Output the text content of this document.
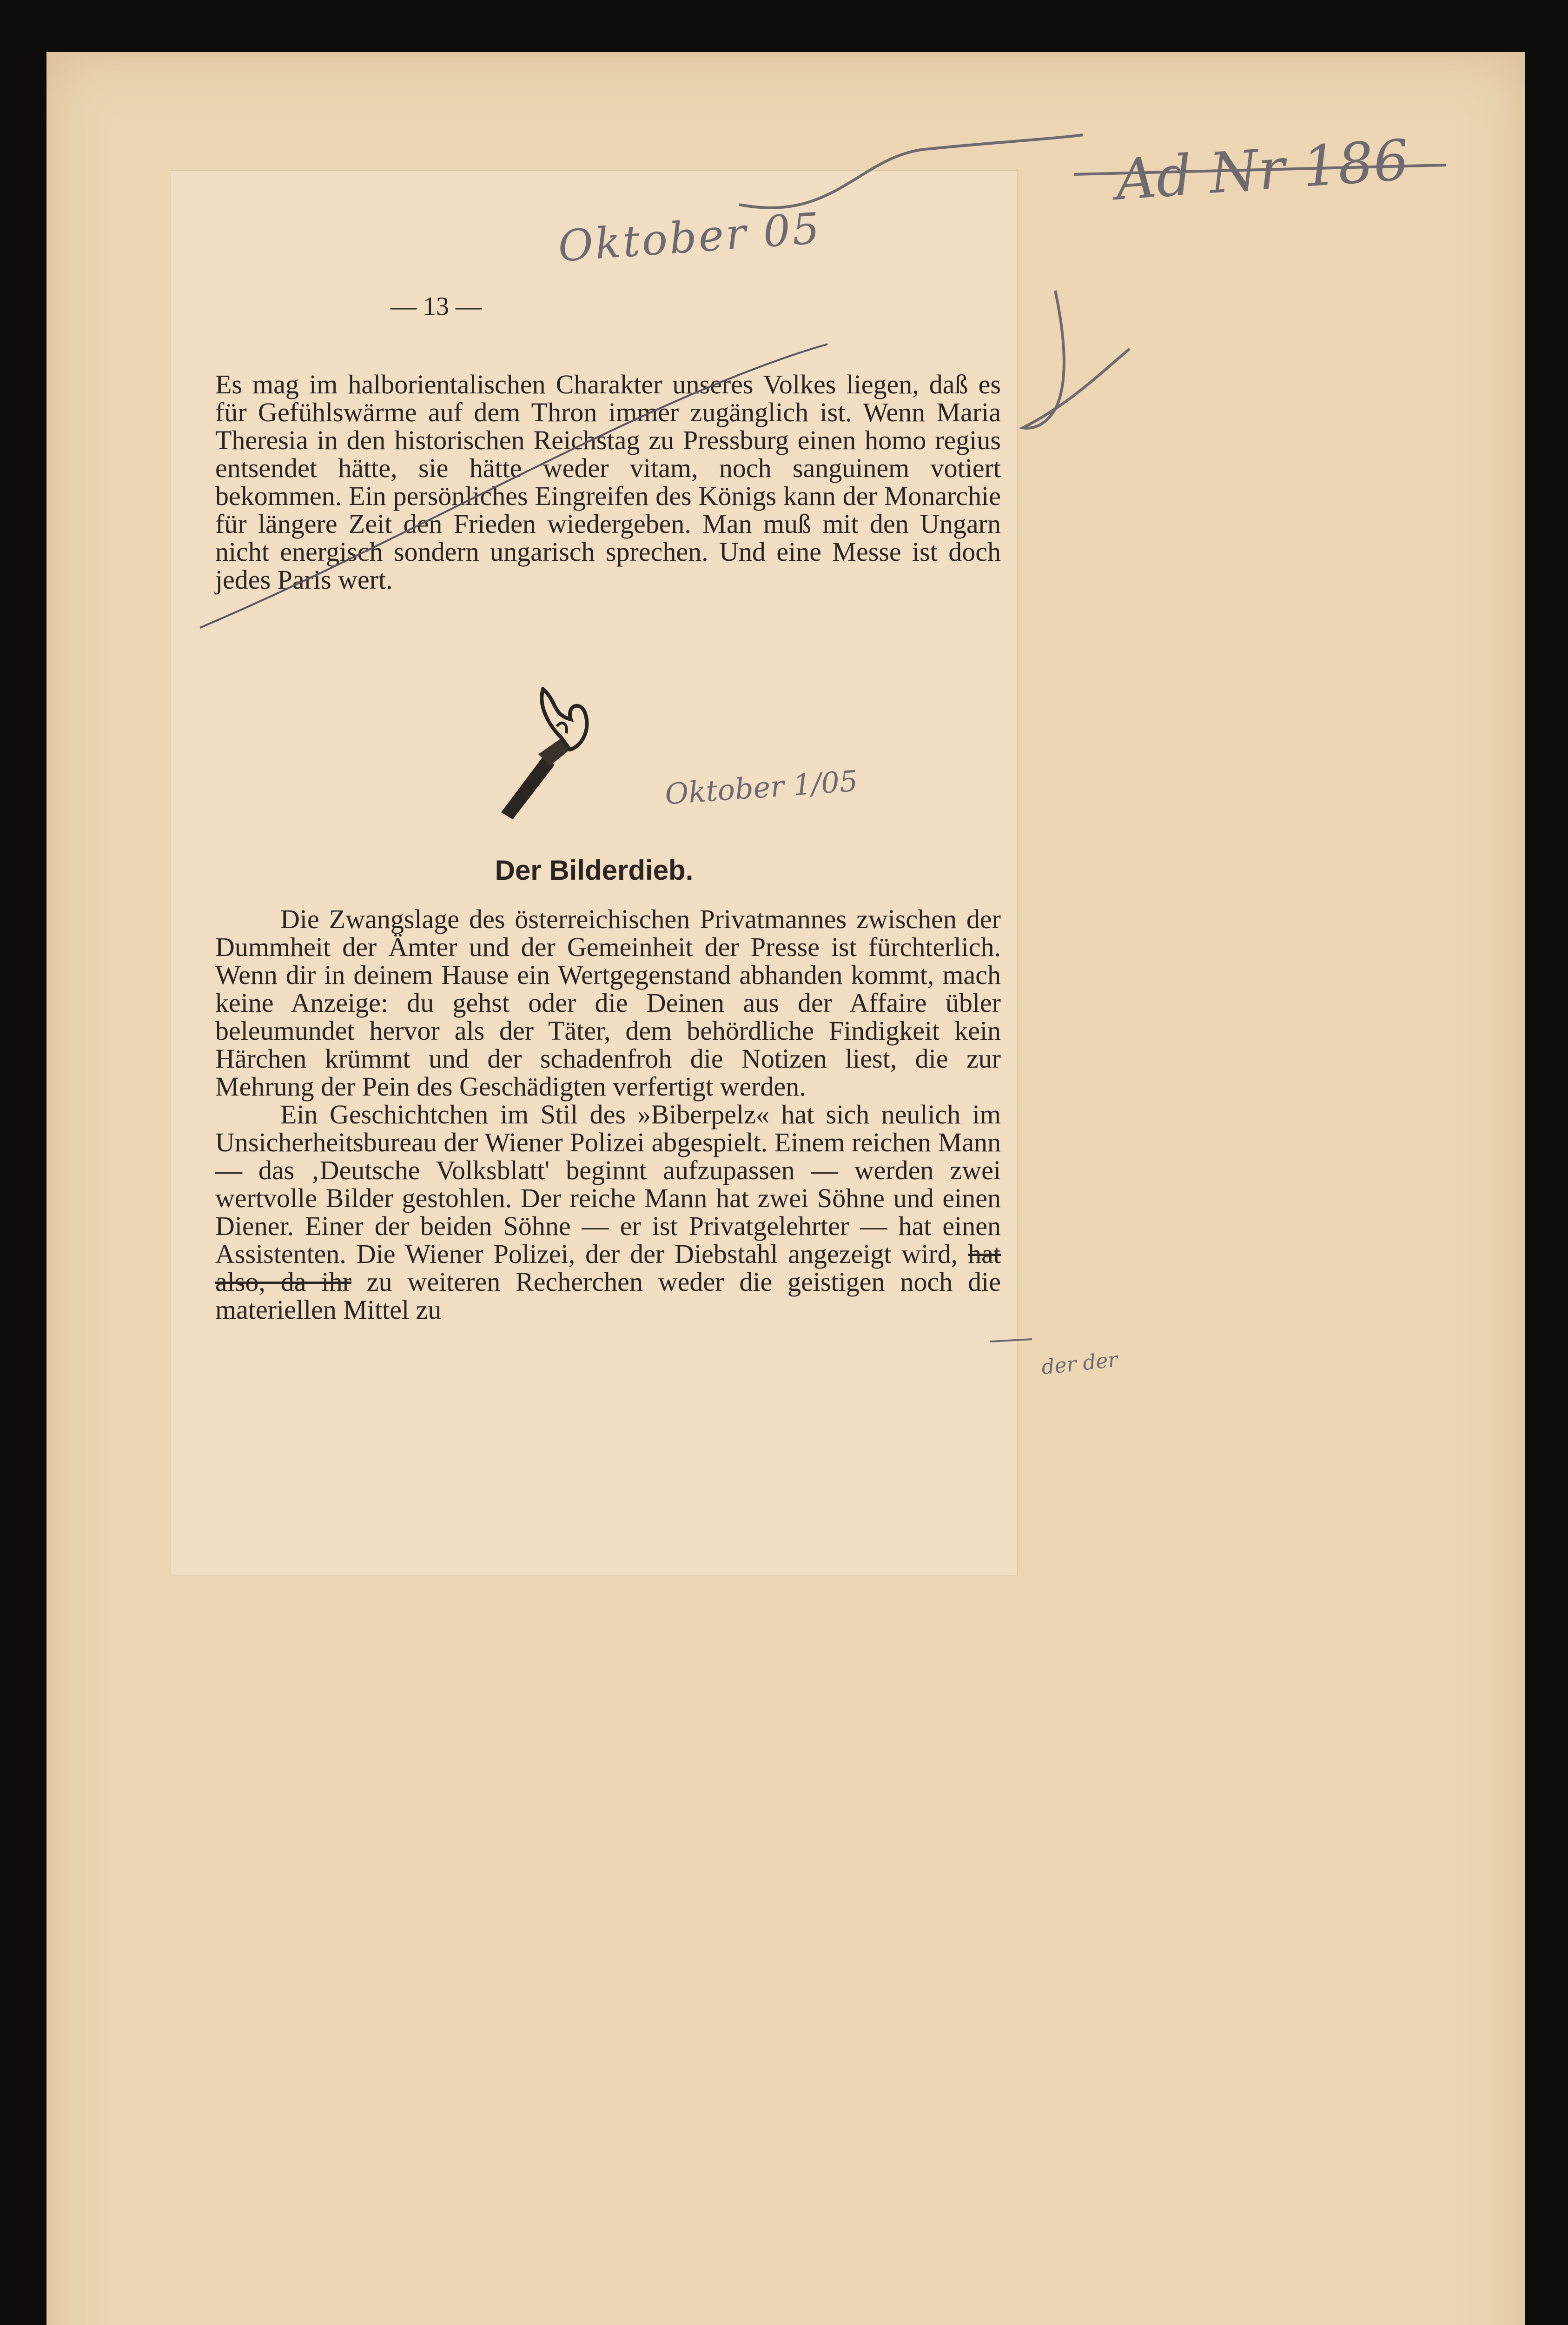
— 13 —

Es mag im halborientalischen Charakter unseres Volkes liegen, daß es für Gefühlswärme auf dem Thron immer zugänglich ist. Wenn Maria Theresia in den historischen Reichstag zu Pressburg einen homo regius entsendet hätte, sie hätte weder vitam, noch sanguinem votiert bekommen. Ein persönliches Eingreifen des Königs kann der Monarchie für längere Zeit den Frieden wiedergeben. Man muß mit den Ungarn nicht energisch sondern ungarisch sprechen. Und eine Messe ist doch jedes Paris wert.

Der Bilderdieb.

Die Zwangslage des österreichischen Privatmannes zwischen der Dummheit der Ämter und der Gemeinheit der Presse ist fürchterlich. Wenn dir in deinem Hause ein Wertgegenstand abhanden kommt, mach keine Anzeige: du gehst oder die Deinen aus der Affaire übler beleumundet hervor als der Täter, dem behördliche Findigkeit kein Härchen krümmt und der schadenfroh die Notizen liest, die zur Mehrung der Pein des Geschädigten verfertigt werden.

Ein Geschichtchen im Stil des »Biberpelz« hat sich neulich im Unsicherheitsbureau der Wiener Polizei abgespielt. Einem reichen Mann — das ‚Deutsche Volksblatt' beginnt aufzupassen — werden zwei wertvolle Bilder gestohlen. Der reiche Mann hat zwei Söhne und einen Diener. Einer der beiden Söhne — er ist Privatgelehrter — hat einen Assistenten. Die Wiener Polizei, der der Diebstahl angezeigt wird, hat also, da ihr zu weiteren Recherchen weder die geistigen noch die materiellen Mittel zu

Oktober 05
Ad Nr 186
Oktober 1/05
der der
